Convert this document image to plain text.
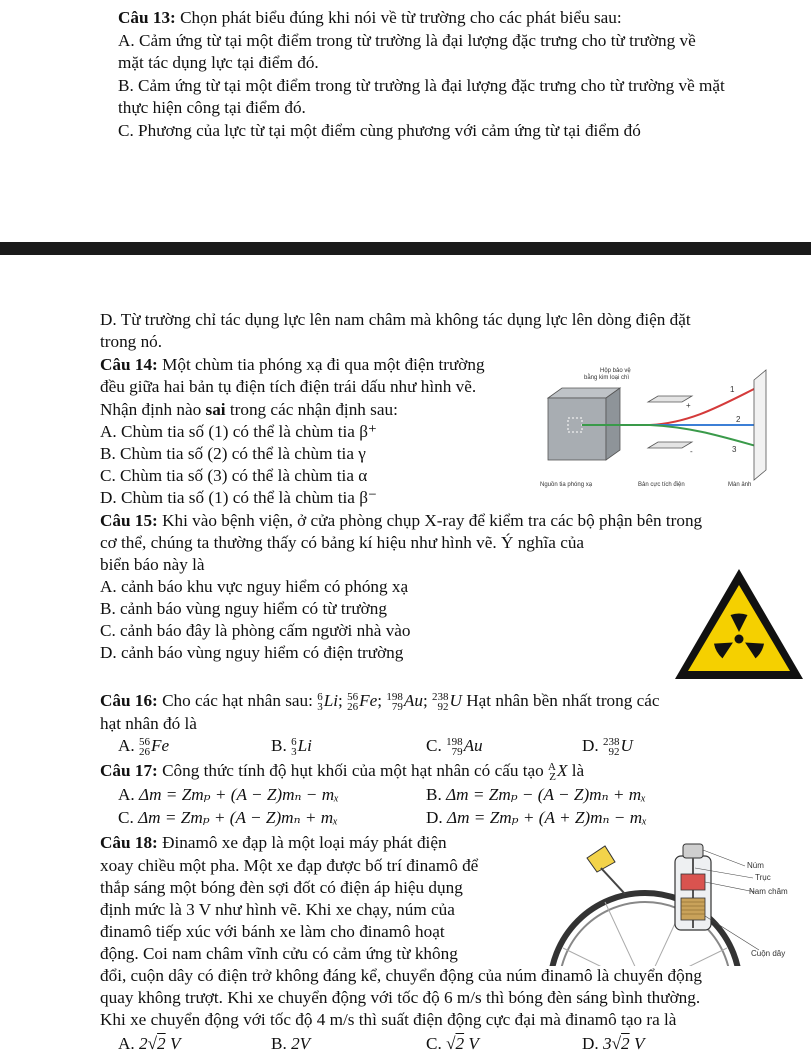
Câu 13: Chọn phát biểu đúng khi nói về từ trường cho các phát biểu sau:
A. Cảm ứng từ tại một điểm trong từ trường là đại lượng đặc trưng cho từ trường về
mặt tác dụng lực tại điểm đó.
B. Cảm ứng từ tại một điểm trong từ trường là đại lượng đặc trưng cho từ trường về mặt
thực hiện công tại điểm đó.
C. Phương của lực từ tại một điểm cùng phương với cảm ứng từ tại điểm đó
D. Từ trường chỉ tác dụng lực lên nam châm mà không tác dụng lực lên dòng điện đặt
trong nó.
Câu 14: Một chùm tia phóng xạ đi qua một điện trường
đều giữa hai bản tụ điện tích điện trái dấu như hình vẽ.
Nhận định nào sai trong các nhận định sau:
A. Chùm tia số (1) có thể là chùm tia β⁺
B. Chùm tia số (2) có thể là chùm tia γ
C. Chùm tia số (3) có thể là chùm tia α
D. Chùm tia số (1) có thể là chùm tia β⁻
Hộp bảo vệ
bằng kim loại chì
+
-
1
2
3
Nguồn tia phóng xạ	Bản cực tích điện	Màn ảnh
Câu 15: Khi vào bệnh viện, ở cửa phòng chụp X-ray để kiểm tra các bộ phận bên trong
cơ thể, chúng ta thường thấy có bảng kí hiệu như hình vẽ. Ý nghĩa của
biển báo này là
A. cảnh báo khu vực nguy hiểm có phóng xạ
B. cảnh báo vùng nguy hiểm có từ trường
C. cảnh báo đây là phòng cấm người nhà vào
D. cảnh báo vùng nguy hiểm có điện trường
Câu 16: Cho các hạt nhân sau: 6
3 Li; 56
26 Fe; 198
79 Au; 238
92 U Hạt nhân bền nhất trong các
hạt nhân đó là
A. 56
26 Fe	B. 6
3 Li	C. 198
79 Au	D. 238
92 U
Câu 17: Công thức tính độ hụt khối của một hạt nhân có cấu tạo A
Z X là
A. Δm = Zmₚ + (A − Z)mₙ − mₓ	B. Δm = Zmₚ − (A − Z)mₙ + mₓ
C. Δm = Zmₚ + (A − Z)mₙ + mₓ	D. Δm = Zmₚ + (A + Z)mₙ − mₓ
Câu 18: Đinamô xe đạp là một loại máy phát điện
xoay chiều một pha. Một xe đạp được bố trí đinamô để
thắp sáng một bóng đèn sợi đốt có điện áp hiệu dụng
định mức là 3 V như hình vẽ. Khi xe chạy, núm của
đinamô tiếp xúc với bánh xe làm cho đinamô hoạt
động. Coi nam châm vĩnh cửu có cảm ứng từ không
đổi, cuộn dây có điện trở không đáng kể, chuyển động của núm đinamô là chuyển động
quay không trượt. Khi xe chuyển động với tốc độ 6 m/s thì bóng đèn sáng bình thường.
Khi xe chuyển động với tốc độ 4 m/s thì suất điện động cực đại mà đinamô tạo ra là
A. 2√2 V	B. 2V	C. √2 V	D. 3√2 V
Núm
Trục
Nam châm
Cuộn dây
